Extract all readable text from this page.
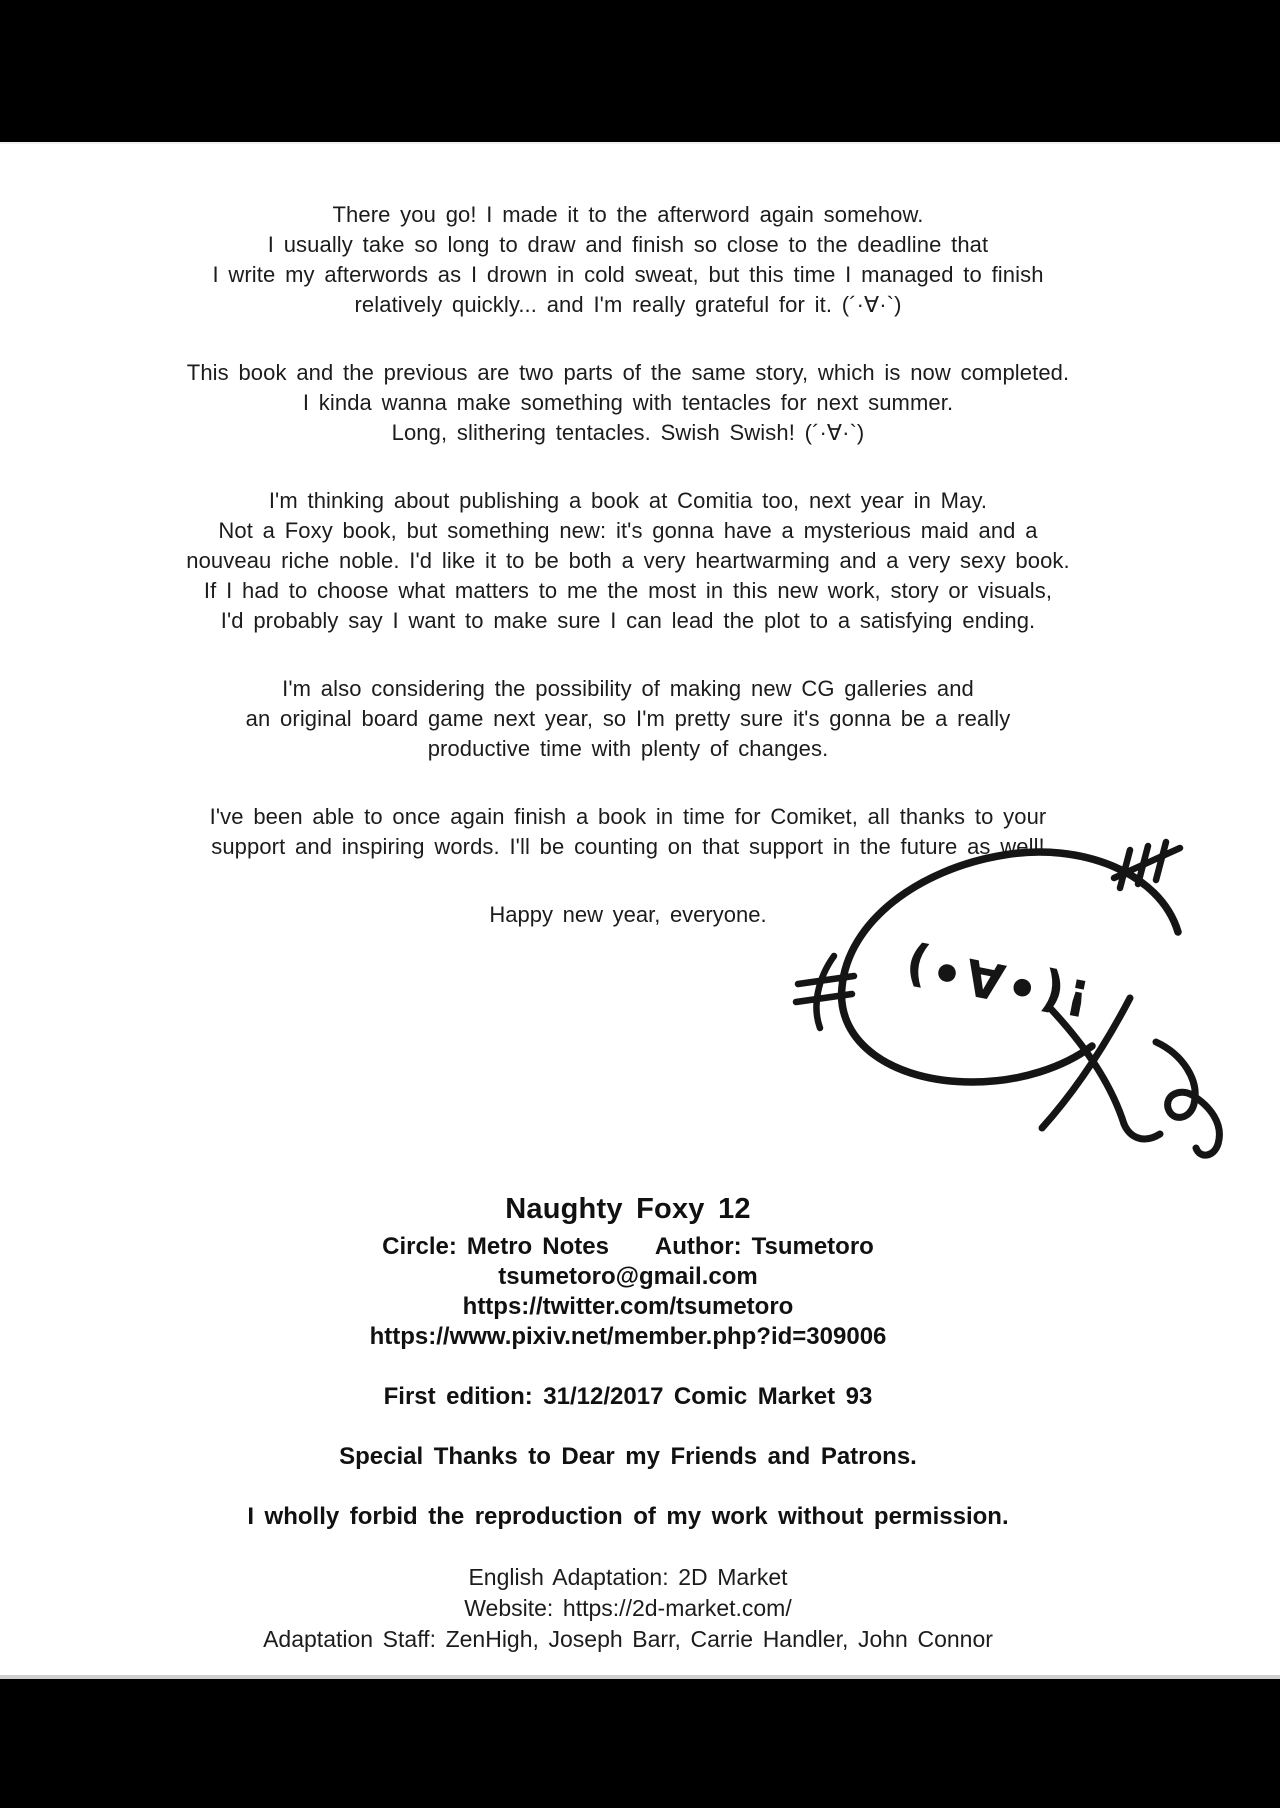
There you go! I made it to the afterword again somehow.
I usually take so long to draw and finish so close to the deadline that
I write my afterwords as I drown in cold sweat, but this time I managed to finish
relatively quickly... and I'm really grateful for it. (´·∀·`)

This book and the previous are two parts of the same story, which is now completed.
I kinda wanna make something with tentacles for next summer.
Long, slithering tentacles. Swish Swish! (´·∀·`)

I'm thinking about publishing a book at Comitia too, next year in May.
Not a Foxy book, but something new: it's gonna have a mysterious maid and a
nouveau riche noble. I'd like it to be both a very heartwarming and a very sexy book.
If I had to choose what matters to me the most in this new work, story or visuals,
I'd probably say I want to make sure I can lead the plot to a satisfying ending.

I'm also considering the possibility of making new CG galleries and
an original board game next year, so I'm pretty sure it's gonna be a really
productive time with plenty of changes.

I've been able to once again finish a book in time for Comiket, all thanks to your
support and inspiring words. I'll be counting on that support in the future as well!

Happy new year, everyone.

Naughty Foxy 12
Circle: Metro Notes Author: Tsumetoro
tsumetoro@gmail.com
https://twitter.com/tsumetoro
https://www.pixiv.net/member.php?id=309006
First edition: 31/12/2017 Comic Market 93
Special Thanks to Dear my Friends and Patrons.
I wholly forbid the reproduction of my work without permission.
English Adaptation: 2D Market
Website: https://2d-market.com/
Adaptation Staff: ZenHigh, Joseph Barr, Carrie Handler, John Connor
!(•A•)
